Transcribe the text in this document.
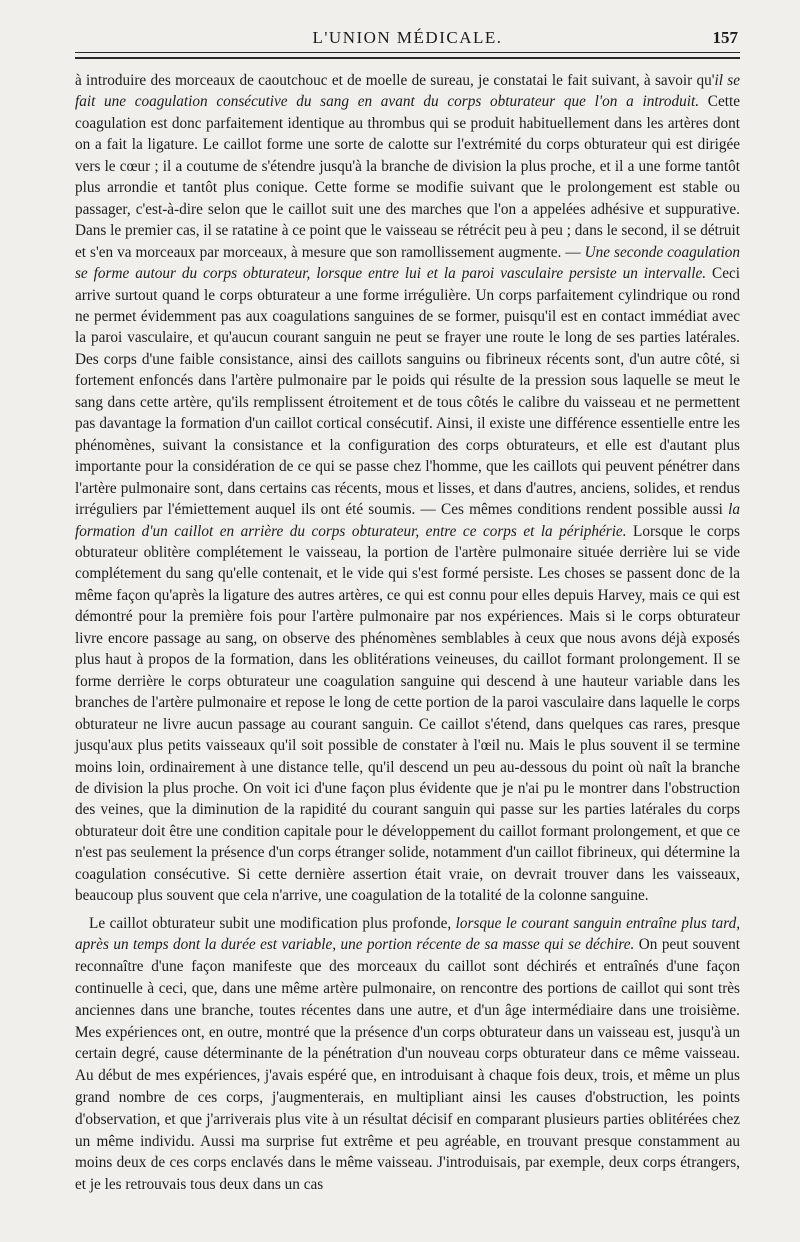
L'UNION MÉDICALE.	157

à introduire des morceaux de caoutchouc et de moelle de sureau, je constatai le fait suivant, à savoir qu'il se fait une coagulation consécutive du sang en avant du corps obturateur que l'on a introduit. Cette coagulation est donc parfaitement identique au thrombus qui se produit habituellement dans les artères dont on a fait la ligature. Le caillot forme une sorte de calotte sur l'extrémité du corps obturateur qui est dirigée vers le cœur ; il a coutume de s'étendre jusqu'à la branche de division la plus proche, et il a une forme tantôt plus arrondie et tantôt plus conique. Cette forme se modifie suivant que le prolongement est stable ou passager, c'est-à-dire selon que le caillot suit une des marches que l'on a appelées adhésive et suppurative. Dans le premier cas, il se ratatine à ce point que le vaisseau se rétrécit peu à peu ; dans le second, il se détruit et s'en va morceaux par morceaux, à mesure que son ramollissement augmente. — Une seconde coagulation se forme autour du corps obturateur, lorsque entre lui et la paroi vasculaire persiste un intervalle. Ceci arrive surtout quand le corps obturateur a une forme irrégulière. Un corps parfaitement cylindrique ou rond ne permet évidemment pas aux coagulations sanguines de se former, puisqu'il est en contact immédiat avec la paroi vasculaire, et qu'aucun courant sanguin ne peut se frayer une route le long de ses parties latérales. Des corps d'une faible consistance, ainsi des caillots sanguins ou fibrineux récents sont, d'un autre côté, si fortement enfoncés dans l'artère pulmonaire par le poids qui résulte de la pression sous laquelle se meut le sang dans cette artère, qu'ils remplissent étroitement et de tous côtés le calibre du vaisseau et ne permettent pas davantage la formation d'un caillot cortical consécutif. Ainsi, il existe une différence essentielle entre les phénomènes, suivant la consistance et la configuration des corps obturateurs, et elle est d'autant plus importante pour la considération de ce qui se passe chez l'homme, que les caillots qui peuvent pénétrer dans l'artère pulmonaire sont, dans certains cas récents, mous et lisses, et dans d'autres, anciens, solides, et rendus irréguliers par l'émiettement auquel ils ont été soumis. — Ces mêmes conditions rendent possible aussi la formation d'un caillot en arrière du corps obturateur, entre ce corps et la périphérie. Lorsque le corps obturateur oblitère complétement le vaisseau, la portion de l'artère pulmonaire située derrière lui se vide complétement du sang qu'elle contenait, et le vide qui s'est formé persiste. Les choses se passent donc de la même façon qu'après la ligature des autres artères, ce qui est connu pour elles depuis Harvey, mais ce qui est démontré pour la première fois pour l'artère pulmonaire par nos expériences. Mais si le corps obturateur livre encore passage au sang, on observe des phénomènes semblables à ceux que nous avons déjà exposés plus haut à propos de la formation, dans les oblitérations veineuses, du caillot formant prolongement. Il se forme derrière le corps obturateur une coagulation sanguine qui descend à une hauteur variable dans les branches de l'artère pulmonaire et repose le long de cette portion de la paroi vasculaire dans laquelle le corps obturateur ne livre aucun passage au courant sanguin. Ce caillot s'étend, dans quelques cas rares, presque jusqu'aux plus petits vaisseaux qu'il soit possible de constater à l'œil nu. Mais le plus souvent il se termine moins loin, ordinairement à une distance telle, qu'il descend un peu au-dessous du point où naît la branche de division la plus proche. On voit ici d'une façon plus évidente que je n'ai pu le montrer dans l'obstruction des veines, que la diminution de la rapidité du courant sanguin qui passe sur les parties latérales du corps obturateur doit être une condition capitale pour le développement du caillot formant prolongement, et que ce n'est pas seulement la présence d'un corps étranger solide, notamment d'un caillot fibrineux, qui détermine la coagulation consécutive. Si cette dernière assertion était vraie, on devrait trouver dans les vaisseaux, beaucoup plus souvent que cela n'arrive, une coagulation de la totalité de la colonne sanguine.

Le caillot obturateur subit une modification plus profonde, lorsque le courant sanguin entraîne plus tard, après un temps dont la durée est variable, une portion récente de sa masse qui se déchire. On peut souvent reconnaître d'une façon manifeste que des morceaux du caillot sont déchirés et entraînés d'une façon continuelle à ceci, que, dans une même artère pulmonaire, on rencontre des portions de caillot qui sont très anciennes dans une branche, toutes récentes dans une autre, et d'un âge intermédiaire dans une troisième. Mes expériences ont, en outre, montré que la présence d'un corps obturateur dans un vaisseau est, jusqu'à un certain degré, cause déterminante de la pénétration d'un nouveau corps obturateur dans ce même vaisseau. Au début de mes expériences, j'avais espéré que, en introduisant à chaque fois deux, trois, et même un plus grand nombre de ces corps, j'augmenterais, en multipliant ainsi les causes d'obstruction, les points d'observation, et que j'arriverais plus vite à un résultat décisif en comparant plusieurs parties oblitérées chez un même individu. Aussi ma surprise fut extrême et peu agréable, en trouvant presque constamment au moins deux de ces corps enclavés dans le même vaisseau. J'introduisais, par exemple, deux corps étrangers, et je les retrouvais tous deux dans un cas
